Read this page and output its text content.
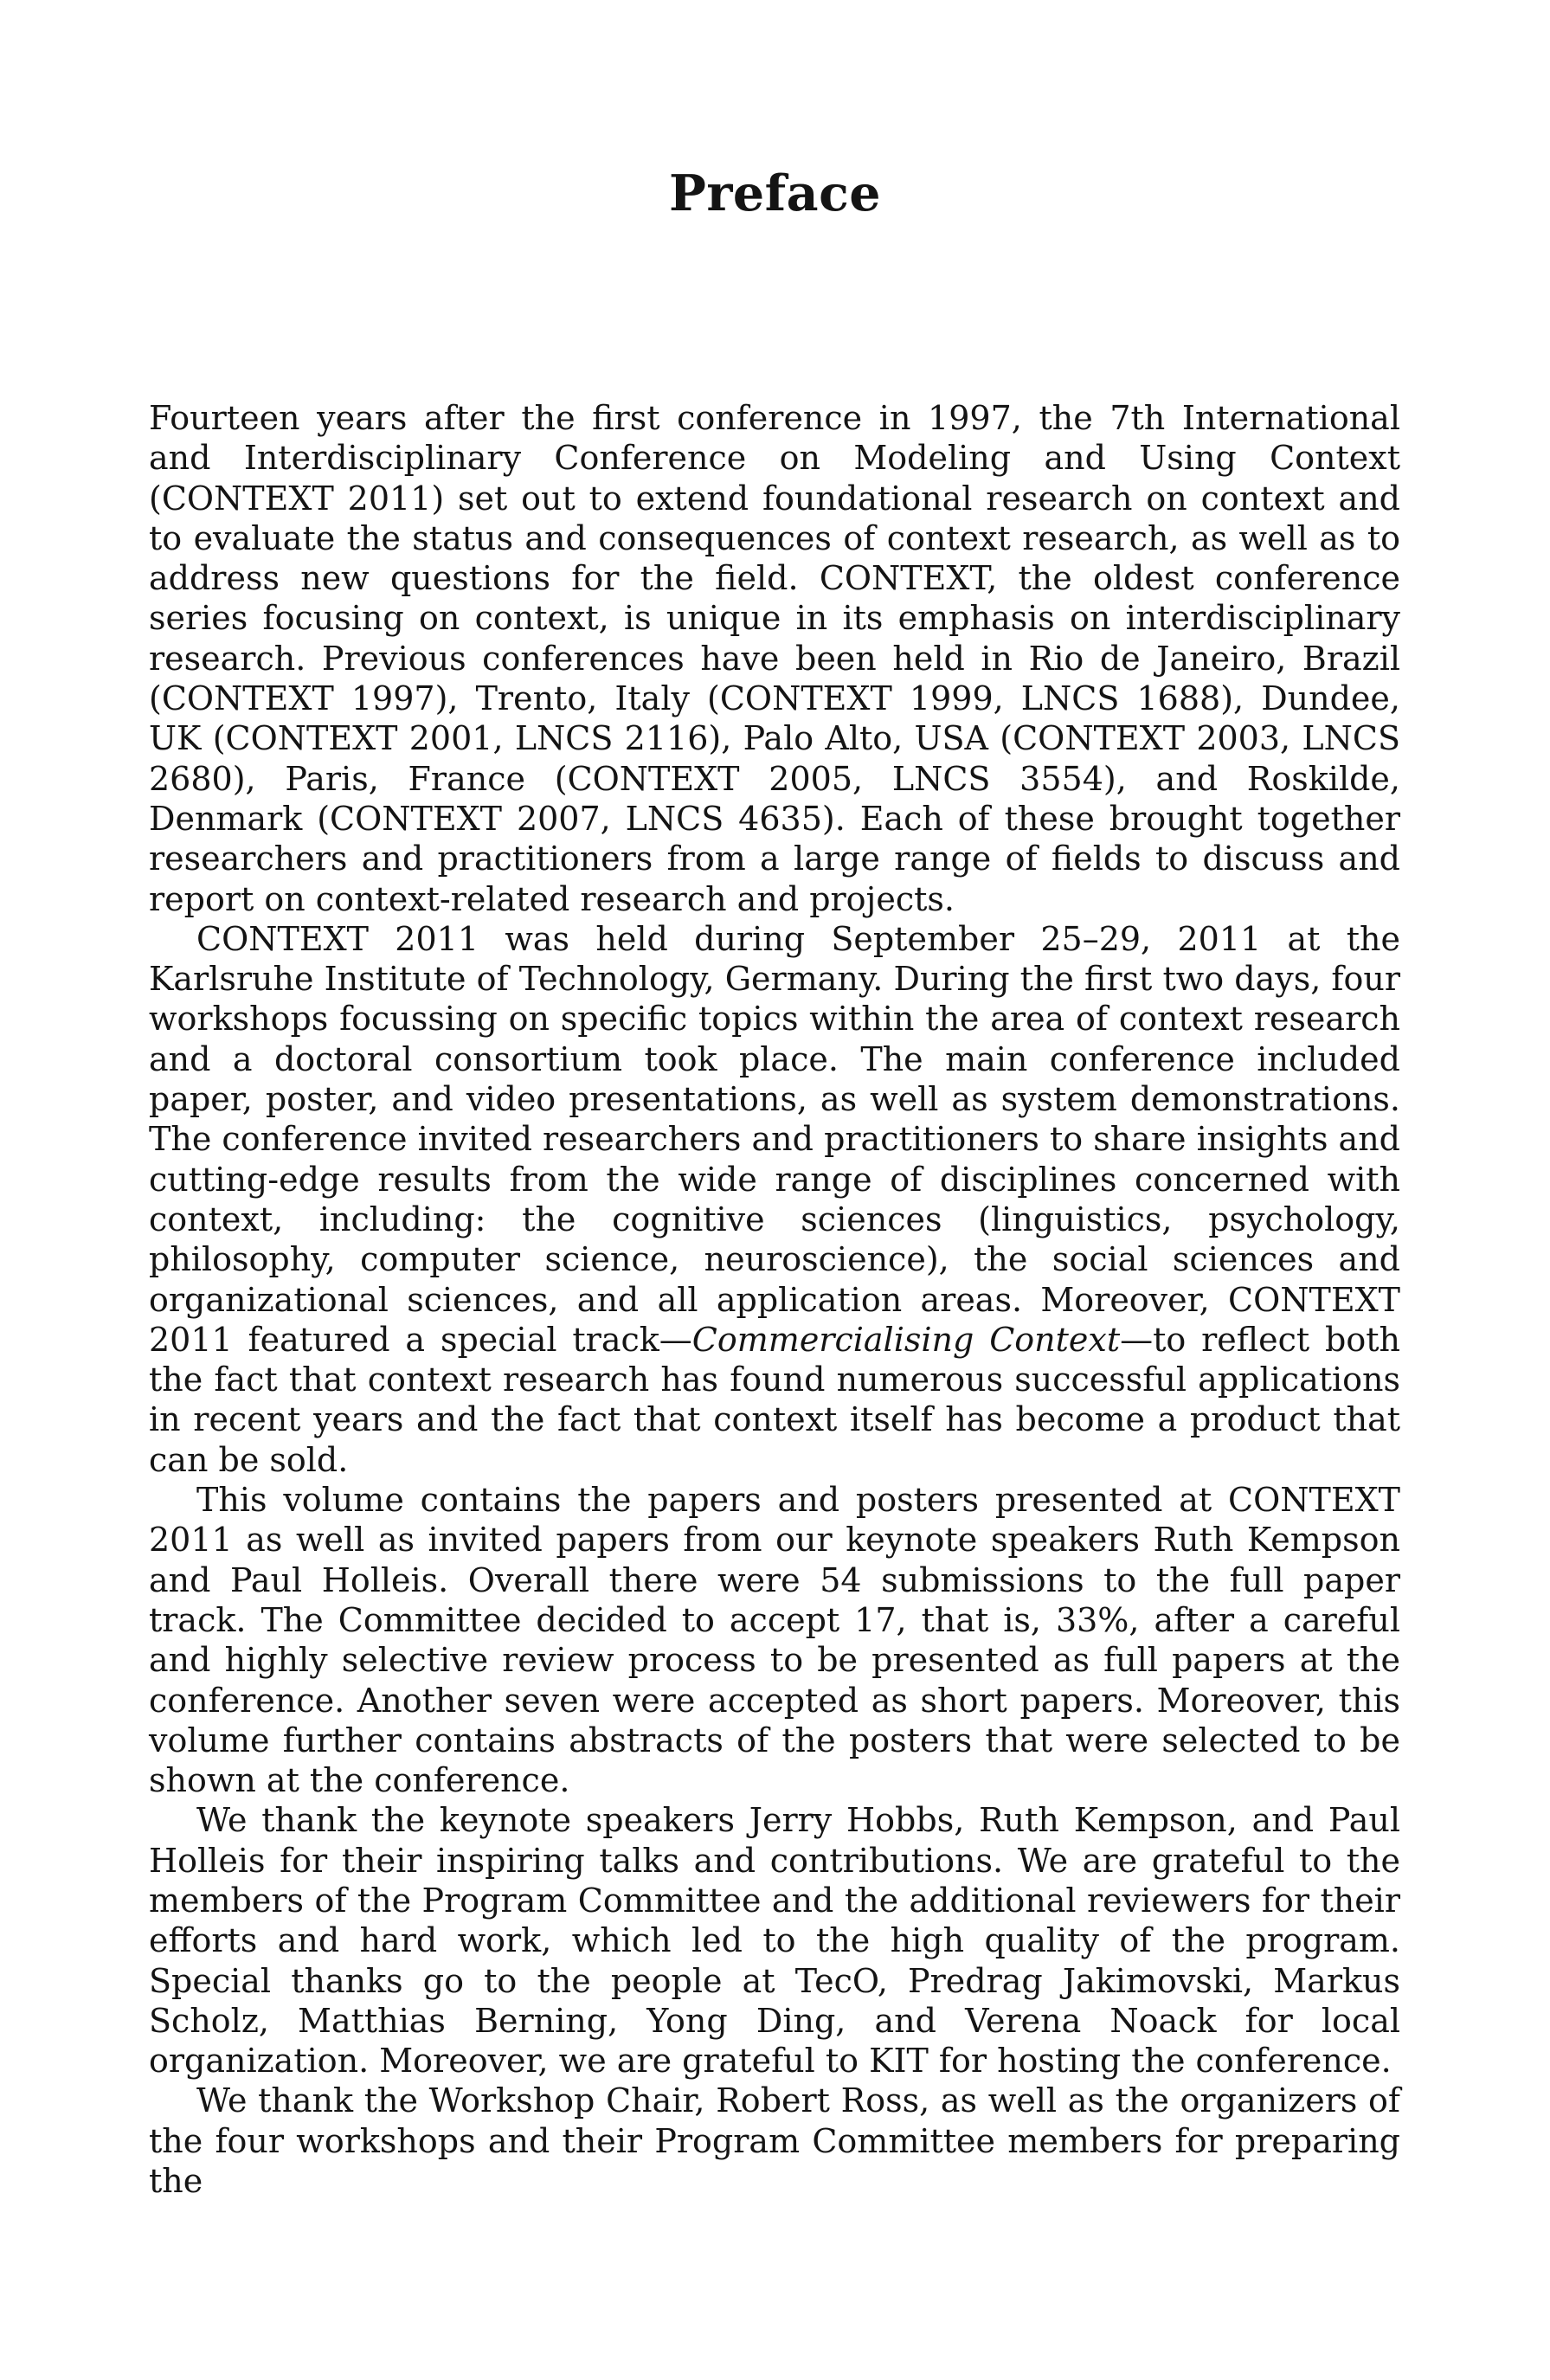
Preface

Fourteen years after the first conference in 1997, the 7th International and Interdisciplinary Conference on Modeling and Using Context (CONTEXT 2011) set out to extend foundational research on context and to evaluate the status and consequences of context research, as well as to address new questions for the field. CONTEXT, the oldest conference series focusing on context, is unique in its emphasis on interdisciplinary research. Previous conferences have been held in Rio de Janeiro, Brazil (CONTEXT 1997), Trento, Italy (CONTEXT 1999, LNCS 1688), Dundee, UK (CONTEXT 2001, LNCS 2116), Palo Alto, USA (CONTEXT 2003, LNCS 2680), Paris, France (CONTEXT 2005, LNCS 3554), and Roskilde, Denmark (CONTEXT 2007, LNCS 4635). Each of these brought together researchers and practitioners from a large range of fields to discuss and report on context-related research and projects.

CONTEXT 2011 was held during September 25–29, 2011 at the Karlsruhe Institute of Technology, Germany. During the first two days, four workshops focussing on specific topics within the area of context research and a doctoral consortium took place. The main conference included paper, poster, and video presentations, as well as system demonstrations. The conference invited researchers and practitioners to share insights and cutting-edge results from the wide range of disciplines concerned with context, including: the cognitive sciences (linguistics, psychology, philosophy, computer science, neuroscience), the social sciences and organizational sciences, and all application areas. Moreover, CONTEXT 2011 featured a special track—Commercialising Context—to reflect both the fact that context research has found numerous successful applications in recent years and the fact that context itself has become a product that can be sold.

This volume contains the papers and posters presented at CONTEXT 2011 as well as invited papers from our keynote speakers Ruth Kempson and Paul Holleis. Overall there were 54 submissions to the full paper track. The Committee decided to accept 17, that is, 33%, after a careful and highly selective review process to be presented as full papers at the conference. Another seven were accepted as short papers. Moreover, this volume further contains abstracts of the posters that were selected to be shown at the conference.

We thank the keynote speakers Jerry Hobbs, Ruth Kempson, and Paul Holleis for their inspiring talks and contributions. We are grateful to the members of the Program Committee and the additional reviewers for their efforts and hard work, which led to the high quality of the program. Special thanks go to the people at TecO, Predrag Jakimovski, Markus Scholz, Matthias Berning, Yong Ding, and Verena Noack for local organization. Moreover, we are grateful to KIT for hosting the conference.

We thank the Workshop Chair, Robert Ross, as well as the organizers of the four workshops and their Program Committee members for preparing the
